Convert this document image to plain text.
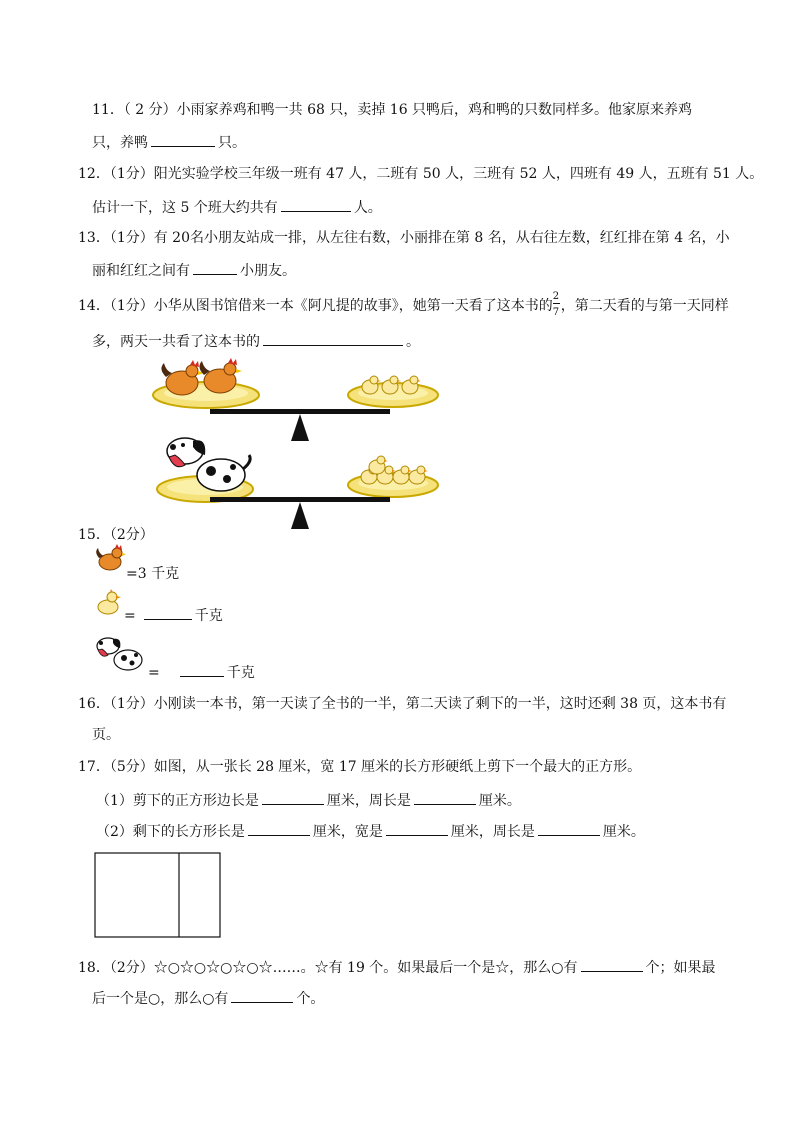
11．（ 2 分）小雨家养鸡和鸭一共 68 只，卖掉 16 只鸭后，鸡和鸭的只数同样多。他家原来养鸡
只，养鸭	只。
12．（1分）阳光实验学校三年级一班有 47 人，二班有 50 人，三班有 52 人，四班有 49 人，五班有 51 人。
估计一下，这 5 个班大约共有	人。
13．（1分）有 20名小朋友站成一排，从左往右数，小丽排在第 8 名，从右往左数，红红排在第 4 名，小
丽和红红之间有	小朋友。
14．（1分）小华从图书馆借来一本《阿凡提的故事》，她第一天看了这本书的 $\frac{2}{7}$ ，第二天看的与第一天同样
多，两天一共看了这本书的	。
15．（2分）
=3 千克
=	千克
=	千克
16．（1分）小刚读一本书，第一天读了全书的一半，第二天读了剩下的一半，这时还剩 38 页，这本书有
页。
17．（5分）如图，从一张长 28 厘米，宽 17 厘米的长方形硬纸上剪下一个最大的正方形。
（1）剪下的正方形边长是	厘米，周长是	厘米。
（2）剩下的长方形长是	厘米，宽是	厘米，周长是	厘米。
18．（2分）☆○☆○☆○☆○☆……。☆有 19 个。如果最后一个是☆，那么○有	个；如果最
后一个是○，那么○有	个。
